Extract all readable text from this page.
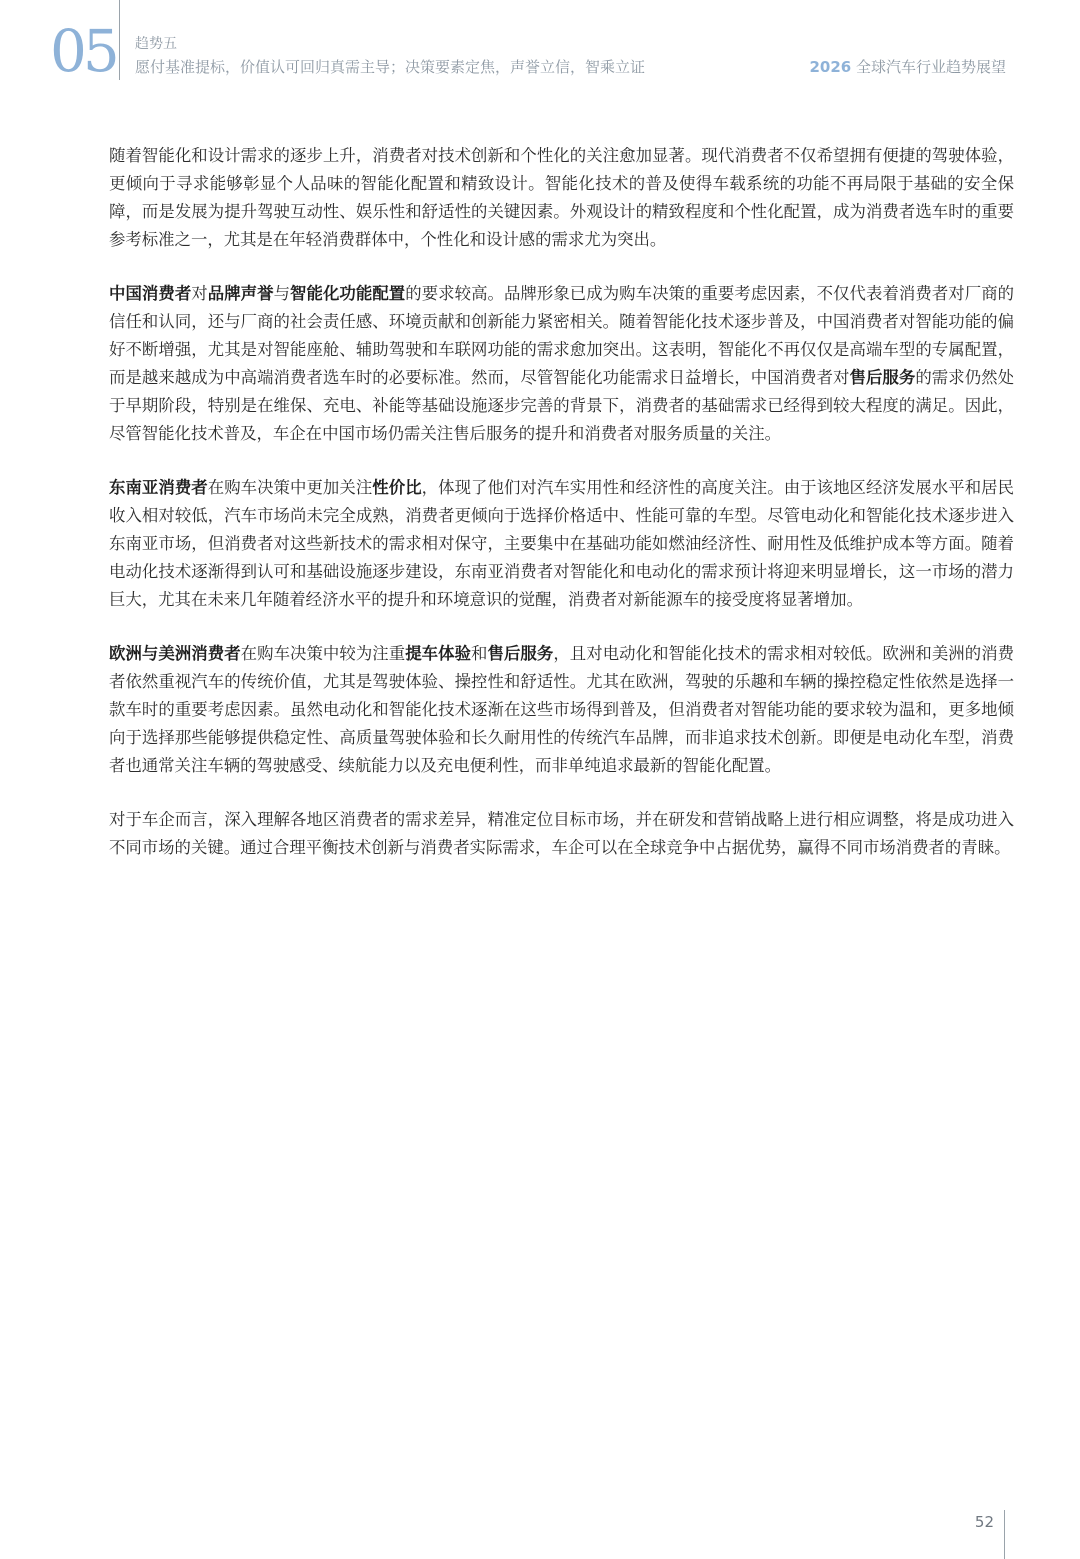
05 趋势五
愿付基准提标，价值认可回归真需主导；决策要素定焦，声誉立信，智乘立证	2026 全球汽车行业趋势展望

随着智能化和设计需求的逐步上升，消费者对技术创新和个性化的关注愈加显著。现代消费者不仅希望拥有便捷的驾驶体验，更倾向于寻求能够彰显个人品味的智能化配置和精致设计。智能化技术的普及使得车载系统的功能不再局限于基础的安全保障，而是发展为提升驾驶互动性、娱乐性和舒适性的关键因素。外观设计的精致程度和个性化配置，成为消费者选车时的重要参考标准之一，尤其是在年轻消费群体中，个性化和设计感的需求尤为突出。

中国消费者对品牌声誉与智能化功能配置的要求较高。品牌形象已成为购车决策的重要考虑因素，不仅代表着消费者对厂商的信任和认同，还与厂商的社会责任感、环境贡献和创新能力紧密相关。随着智能化技术逐步普及，中国消费者对智能功能的偏好不断增强，尤其是对智能座舱、辅助驾驶和车联网功能的需求愈加突出。这表明，智能化不再仅仅是高端车型的专属配置，而是越来越成为中高端消费者选车时的必要标准。然而，尽管智能化功能需求日益增长，中国消费者对售后服务的需求仍然处于早期阶段，特别是在维保、充电、补能等基础设施逐步完善的背景下，消费者的基础需求已经得到较大程度的满足。因此，尽管智能化技术普及，车企在中国市场仍需关注售后服务的提升和消费者对服务质量的关注。

东南亚消费者在购车决策中更加关注性价比，体现了他们对汽车实用性和经济性的高度关注。由于该地区经济发展水平和居民收入相对较低，汽车市场尚未完全成熟，消费者更倾向于选择价格适中、性能可靠的车型。尽管电动化和智能化技术逐步进入东南亚市场，但消费者对这些新技术的需求相对保守，主要集中在基础功能如燃油经济性、耐用性及低维护成本等方面。随着电动化技术逐渐得到认可和基础设施逐步建设，东南亚消费者对智能化和电动化的需求预计将迎来明显增长，这一市场的潜力巨大，尤其在未来几年随着经济水平的提升和环境意识的觉醒，消费者对新能源车的接受度将显著增加。

欧洲与美洲消费者在购车决策中较为注重提车体验和售后服务，且对电动化和智能化技术的需求相对较低。欧洲和美洲的消费者依然重视汽车的传统价值，尤其是驾驶体验、操控性和舒适性。尤其在欧洲，驾驶的乐趣和车辆的操控稳定性依然是选择一款车时的重要考虑因素。虽然电动化和智能化技术逐渐在这些市场得到普及，但消费者对智能功能的要求较为温和，更多地倾向于选择那些能够提供稳定性、高质量驾驶体验和长久耐用性的传统汽车品牌，而非追求技术创新。即便是电动化车型，消费者也通常关注车辆的驾驶感受、续航能力以及充电便利性，而非单纯追求最新的智能化配置。

对于车企而言，深入理解各地区消费者的需求差异，精准定位目标市场，并在研发和营销战略上进行相应调整，将是成功进入不同市场的关键。通过合理平衡技术创新与消费者实际需求，车企可以在全球竞争中占据优势，赢得不同市场消费者的青睐。

52
